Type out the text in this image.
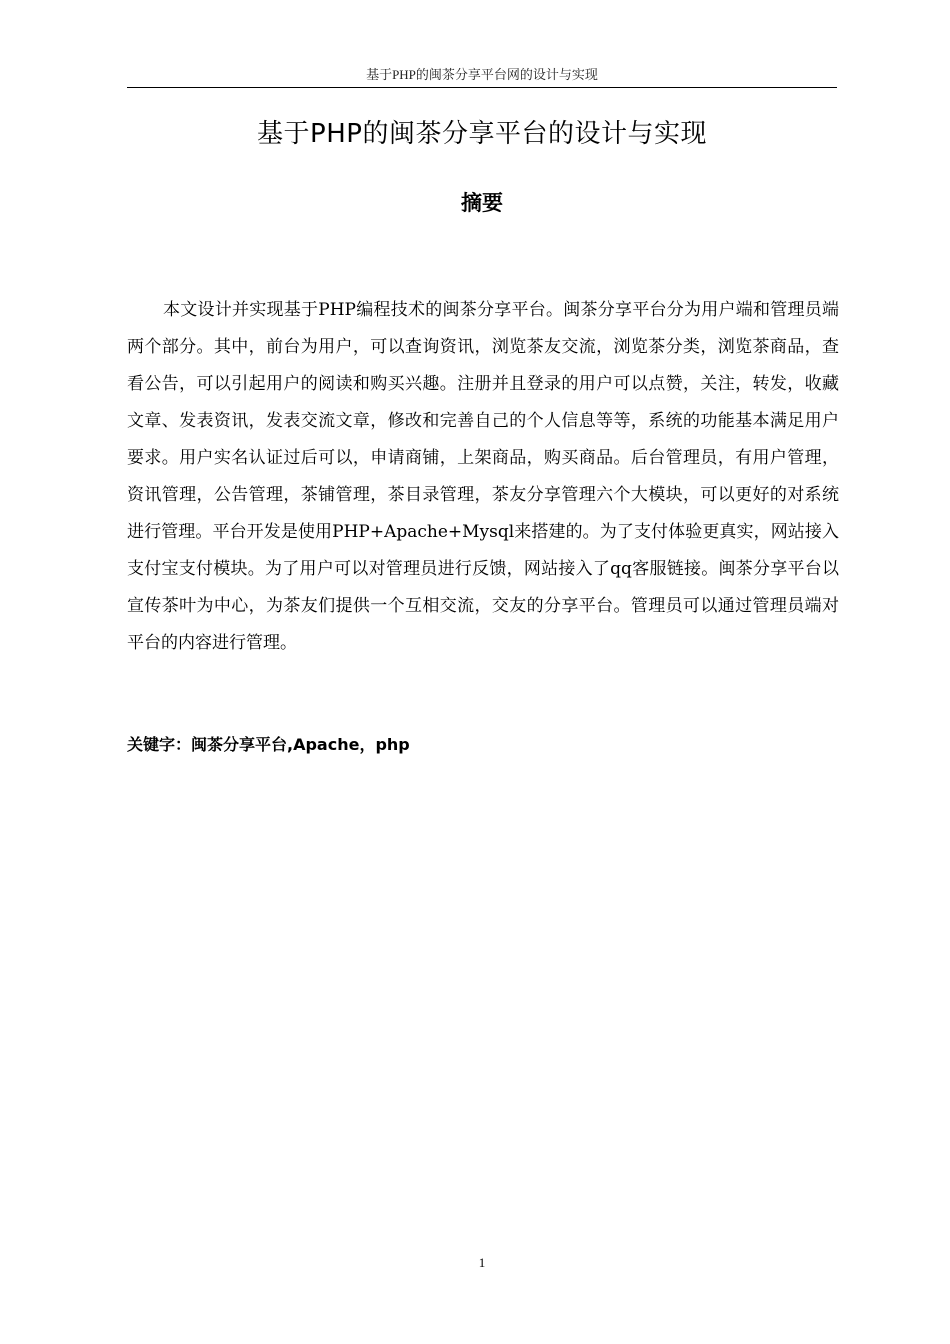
基于PHP的闽茶分享平台网的设计与实现
基于PHP的闽茶分享平台的设计与实现
摘要

本文设计并实现基于PHP编程技术的闽茶分享平台。闽茶分享平台分为用户端和管理员端两个部分。其中，前台为用户，可以查询资讯，浏览茶友交流，浏览茶分类，浏览茶商品，查看公告，可以引起用户的阅读和购买兴趣。注册并且登录的用户可以点赞，关注，转发，收藏文章、发表资讯，发表交流文章，修改和完善自己的个人信息等等，系统的功能基本满足用户要求。用户实名认证过后可以，申请商铺，上架商品，购买商品。后台管理员，有用户管理，资讯管理，公告管理，茶铺管理，茶目录管理，茶友分享管理六个大模块，可以更好的对系统进行管理。平台开发是使用PHP+Apache+Mysql来搭建的。为了支付体验更真实，网站接入支付宝支付模块。为了用户可以对管理员进行反馈，网站接入了qq客服链接。闽茶分享平台以宣传茶叶为中心，为茶友们提供一个互相交流，交友的分享平台。管理员可以通过管理员端对平台的内容进行管理。

关键字：闽茶分享平台,Apache，php
1
